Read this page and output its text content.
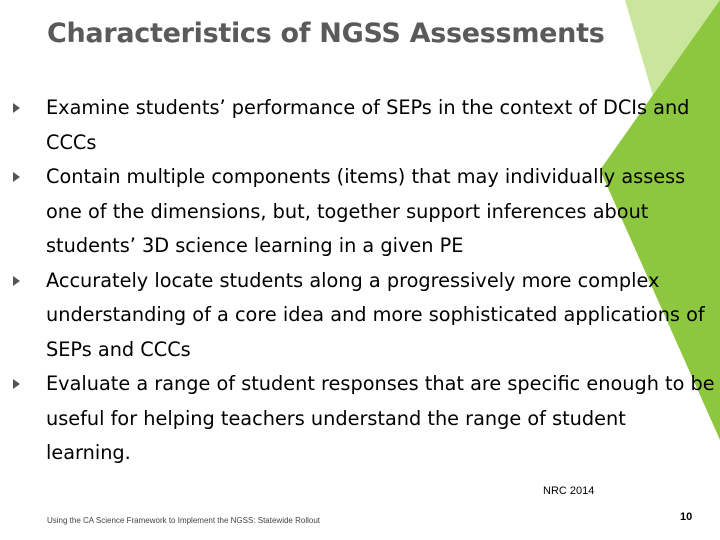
Characteristics of NGSS Assessments
Examine students’ performance of SEPs in the context of DCIs and CCCs
Contain multiple components (items) that may individually assess one of the dimensions, but, together support inferences about students’ 3D science learning in a given PE
Accurately locate students along a progressively more complex understanding of a core idea and more sophisticated applications of SEPs and CCCs
Evaluate a range of student responses that are specific enough to be useful for helping teachers understand the range of student learning.
NRC 2014
Using the CA Science Framework to Implement the NGSS: Statewide Rollout	10
